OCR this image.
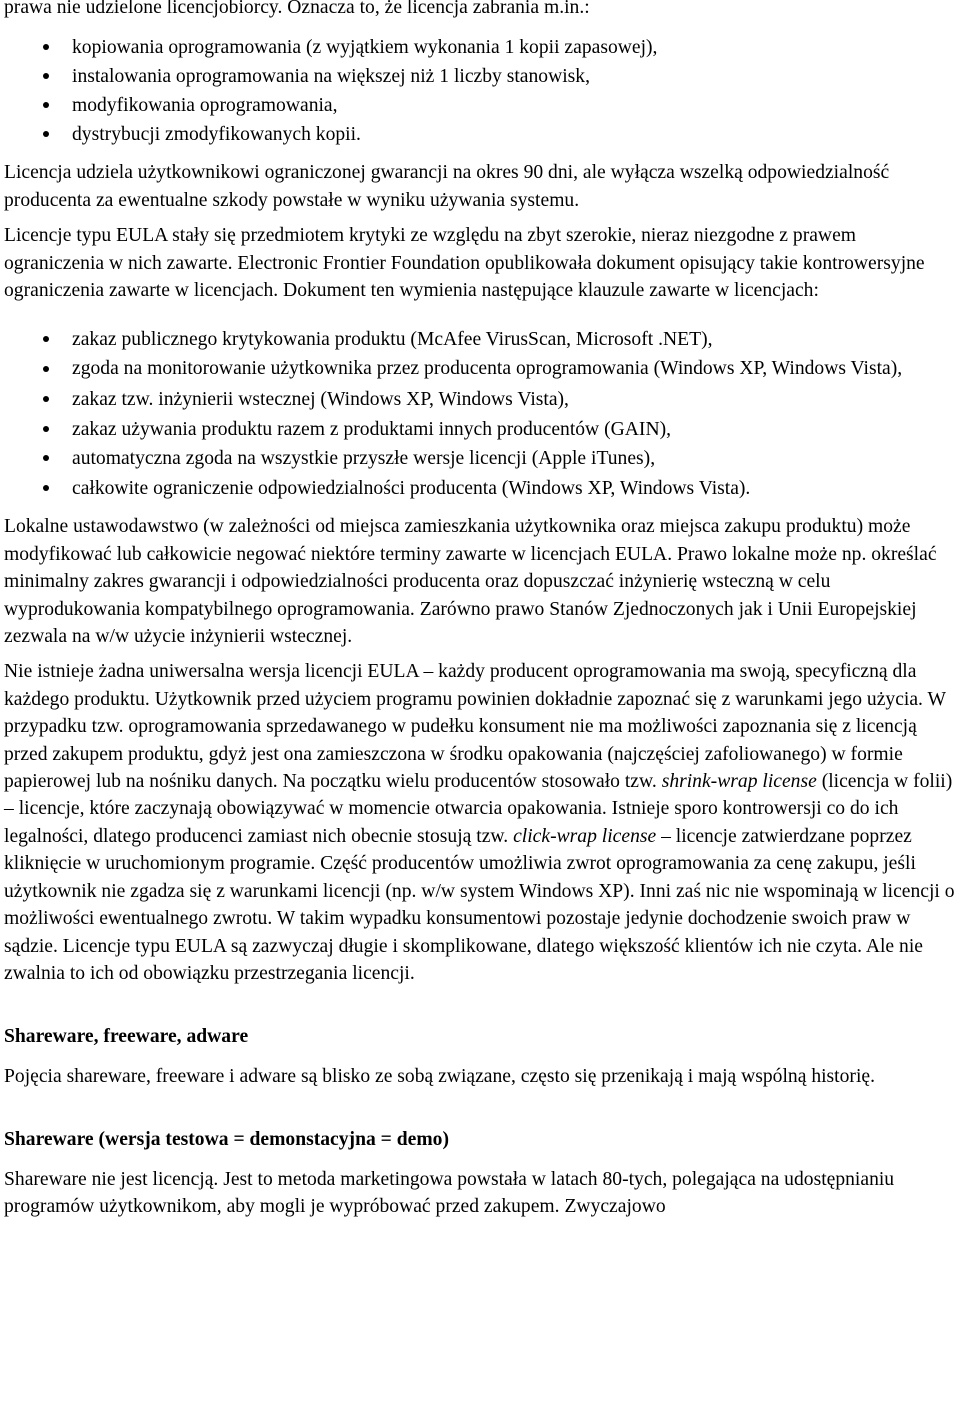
prawa nie udzielone licencjobiorcy. Oznacza to, że licencja zabrania m.in.:

kopiowania oprogramowania (z wyjątkiem wykonania 1 kopii zapasowej),
instalowania oprogramowania na większej niż 1 liczby stanowisk,
modyfikowania oprogramowania,
dystrybucji zmodyfikowanych kopii.

Licencja udziela użytkownikowi ograniczonej gwarancji na okres 90 dni, ale wyłącza wszelką odpowiedzialność producenta za ewentualne szkody powstałe w wyniku używania systemu.

Licencje typu EULA stały się przedmiotem krytyki ze względu na zbyt szerokie, nieraz niezgodne z prawem ograniczenia w nich zawarte. Electronic Frontier Foundation opublikowała dokument opisujący takie kontrowersyjne ograniczenia zawarte w licencjach. Dokument ten wymienia następujące klauzule zawarte w licencjach:

zakaz publicznego krytykowania produktu (McAfee VirusScan, Microsoft .NET),
zgoda na monitorowanie użytkownika przez producenta oprogramowania (Windows XP, Windows Vista),
zakaz tzw. inżynierii wstecznej (Windows XP, Windows Vista),
zakaz używania produktu razem z produktami innych producentów (GAIN),
automatyczna zgoda na wszystkie przyszłe wersje licencji (Apple iTunes),
całkowite ograniczenie odpowiedzialności producenta (Windows XP, Windows Vista).

Lokalne ustawodawstwo (w zależności od miejsca zamieszkania użytkownika oraz miejsca zakupu produktu) może modyfikować lub całkowicie negować niektóre terminy zawarte w licencjach EULA. Prawo lokalne może np. określać minimalny zakres gwarancji i odpowiedzialności producenta oraz dopuszczać inżynierię wsteczną w celu wyprodukowania kompatybilnego oprogramowania. Zarówno prawo Stanów Zjednoczonych jak i Unii Europejskiej zezwala na w/w użycie inżynierii wstecznej.

Nie istnieje żadna uniwersalna wersja licencji EULA – każdy producent oprogramowania ma swoją, specyficzną dla każdego produktu. Użytkownik przed użyciem programu powinien dokładnie zapoznać się z warunkami jego użycia. W przypadku tzw. oprogramowania sprzedawanego w pudełku konsument nie ma możliwości zapoznania się z licencją przed zakupem produktu, gdyż jest ona zamieszczona w środku opakowania (najczęściej zafoliowanego) w formie papierowej lub na nośniku danych. Na początku wielu producentów stosowało tzw. shrink-wrap license (licencja w folii) – licencje, które zaczynają obowiązywać w momencie otwarcia opakowania. Istnieje sporo kontrowersji co do ich legalności, dlatego producenci zamiast nich obecnie stosują tzw. click-wrap license – licencje zatwierdzane poprzez kliknięcie w uruchomionym programie. Część producentów umożliwia zwrot oprogramowania za cenę zakupu, jeśli użytkownik nie zgadza się z warunkami licencji (np. w/w system Windows XP). Inni zaś nic nie wspominają w licencji o możliwości ewentualnego zwrotu. W takim wypadku konsumentowi pozostaje jedynie dochodzenie swoich praw w sądzie. Licencje typu EULA są zazwyczaj długie i skomplikowane, dlatego większość klientów ich nie czyta. Ale nie zwalnia to ich od obowiązku przestrzegania licencji.

Shareware, freeware, adware

Pojęcia shareware, freeware i adware są blisko ze sobą związane, często się przenikają i mają wspólną historię.

Shareware (wersja testowa = demonstacyjna = demo)

Shareware nie jest licencją. Jest to metoda marketingowa powstała w latach 80-tych, polegająca na udostępnianiu programów użytkownikom, aby mogli je wypróbować przed zakupem. Zwyczajowo
